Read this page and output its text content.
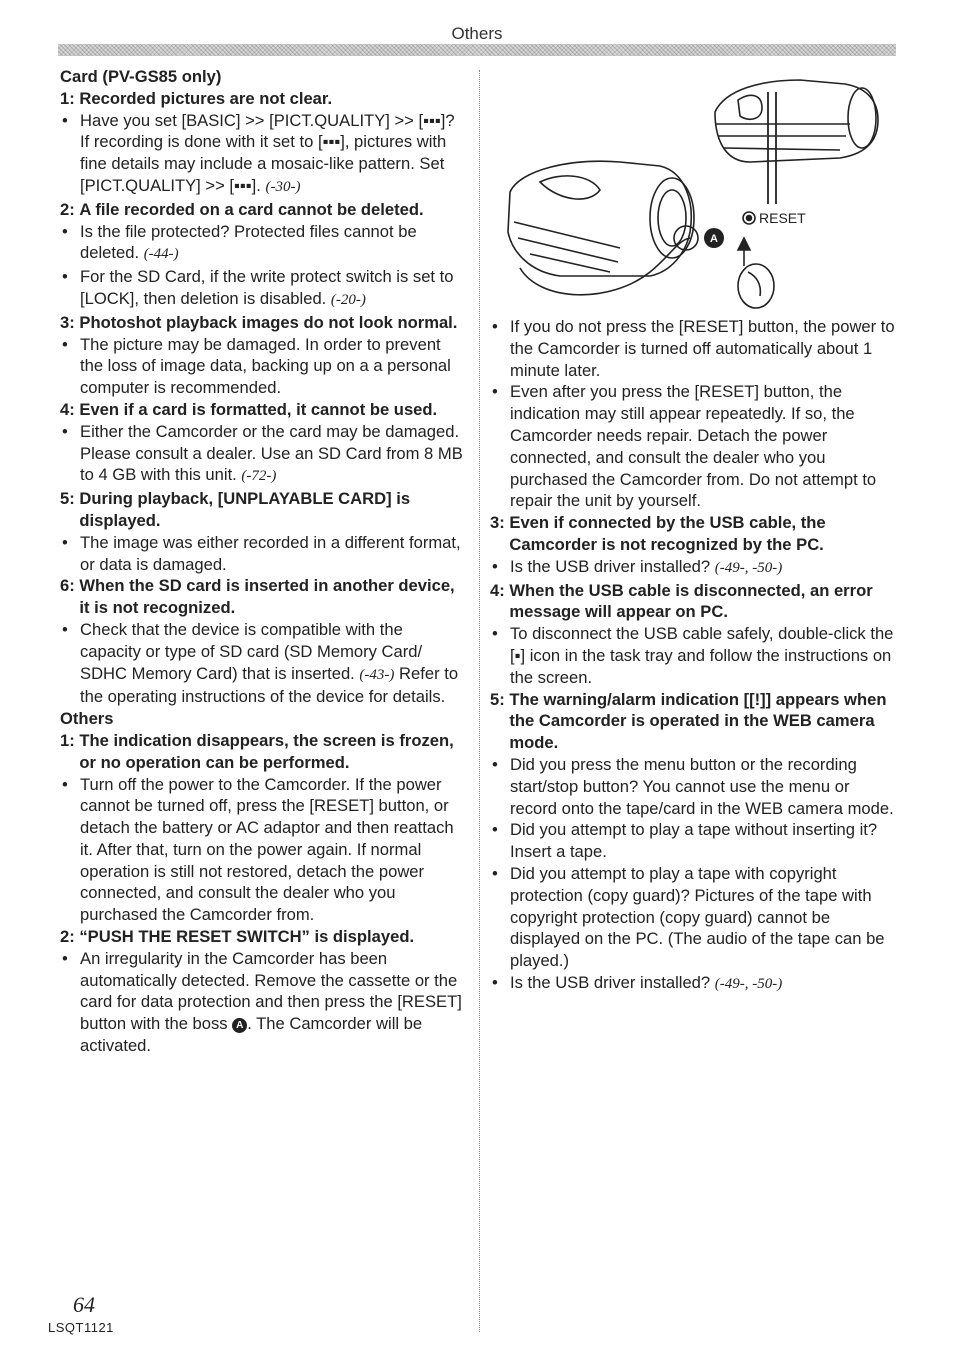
Others
Card (PV-GS85 only)
1: Recorded pictures are not clear.
• Have you set [BASIC] >> [PICT.QUALITY] >> [▪▪▪]? If recording is done with it set to [▪▪▪], pictures with fine details may include a mosaic-like pattern. Set [PICT.QUALITY] >> [▪▪▪]. (-30-)
2: A file recorded on a card cannot be deleted.
• Is the file protected? Protected files cannot be deleted. (-44-)
• For the SD Card, if the write protect switch is set to [LOCK], then deletion is disabled. (-20-)
3: Photoshot playback images do not look normal.
• The picture may be damaged. In order to prevent the loss of image data, backing up on a a personal computer is recommended.
4: Even if a card is formatted, it cannot be used.
• Either the Camcorder or the card may be damaged. Please consult a dealer. Use an SD Card from 8 MB to 4 GB with this unit. (-72-)
5: During playback, [UNPLAYABLE CARD] is displayed.
• The image was either recorded in a different format, or data is damaged.
6: When the SD card is inserted in another device, it is not recognized.
• Check that the device is compatible with the capacity or type of SD card (SD Memory Card/ SDHC Memory Card) that is inserted. (-43-) Refer to the operating instructions of the device for details.
Others
1: The indication disappears, the screen is frozen, or no operation can be performed.
• Turn off the power to the Camcorder. If the power cannot be turned off, press the [RESET] button, or detach the battery or AC adaptor and then reattach it. After that, turn on the power again. If normal operation is still not restored, detach the power connected, and consult the dealer who you purchased the Camcorder from.
2: “PUSH THE RESET SWITCH” is displayed.
• An irregularity in the Camcorder has been automatically detected. Remove the cassette or the card for data protection and then press the [RESET] button with the boss A . The Camcorder will be activated.
A
RESET
• If you do not press the [RESET] button, the power to the Camcorder is turned off automatically about 1 minute later.
• Even after you press the [RESET] button, the indication may still appear repeatedly. If so, the Camcorder needs repair. Detach the power connected, and consult the dealer who you purchased the Camcorder from. Do not attempt to repair the unit by yourself.
3: Even if connected by the USB cable, the Camcorder is not recognized by the PC.
• Is the USB driver installed? (-49-, -50-)
4: When the USB cable is disconnected, an error message will appear on PC.
• To disconnect the USB cable safely, double-click the [▪] icon in the task tray and follow the instructions on the screen.
5: The warning/alarm indication [[!]] appears when the Camcorder is operated in the WEB camera mode.
• Did you press the menu button or the recording start/stop button? You cannot use the menu or record onto the tape/card in the WEB camera mode.
• Did you attempt to play a tape without inserting it? Insert a tape.
• Did you attempt to play a tape with copyright protection (copy guard)? Pictures of the tape with copyright protection (copy guard) cannot be displayed on the PC. (The audio of the tape can be played.)
• Is the USB driver installed? (-49-, -50-)
64
LSQT1121
